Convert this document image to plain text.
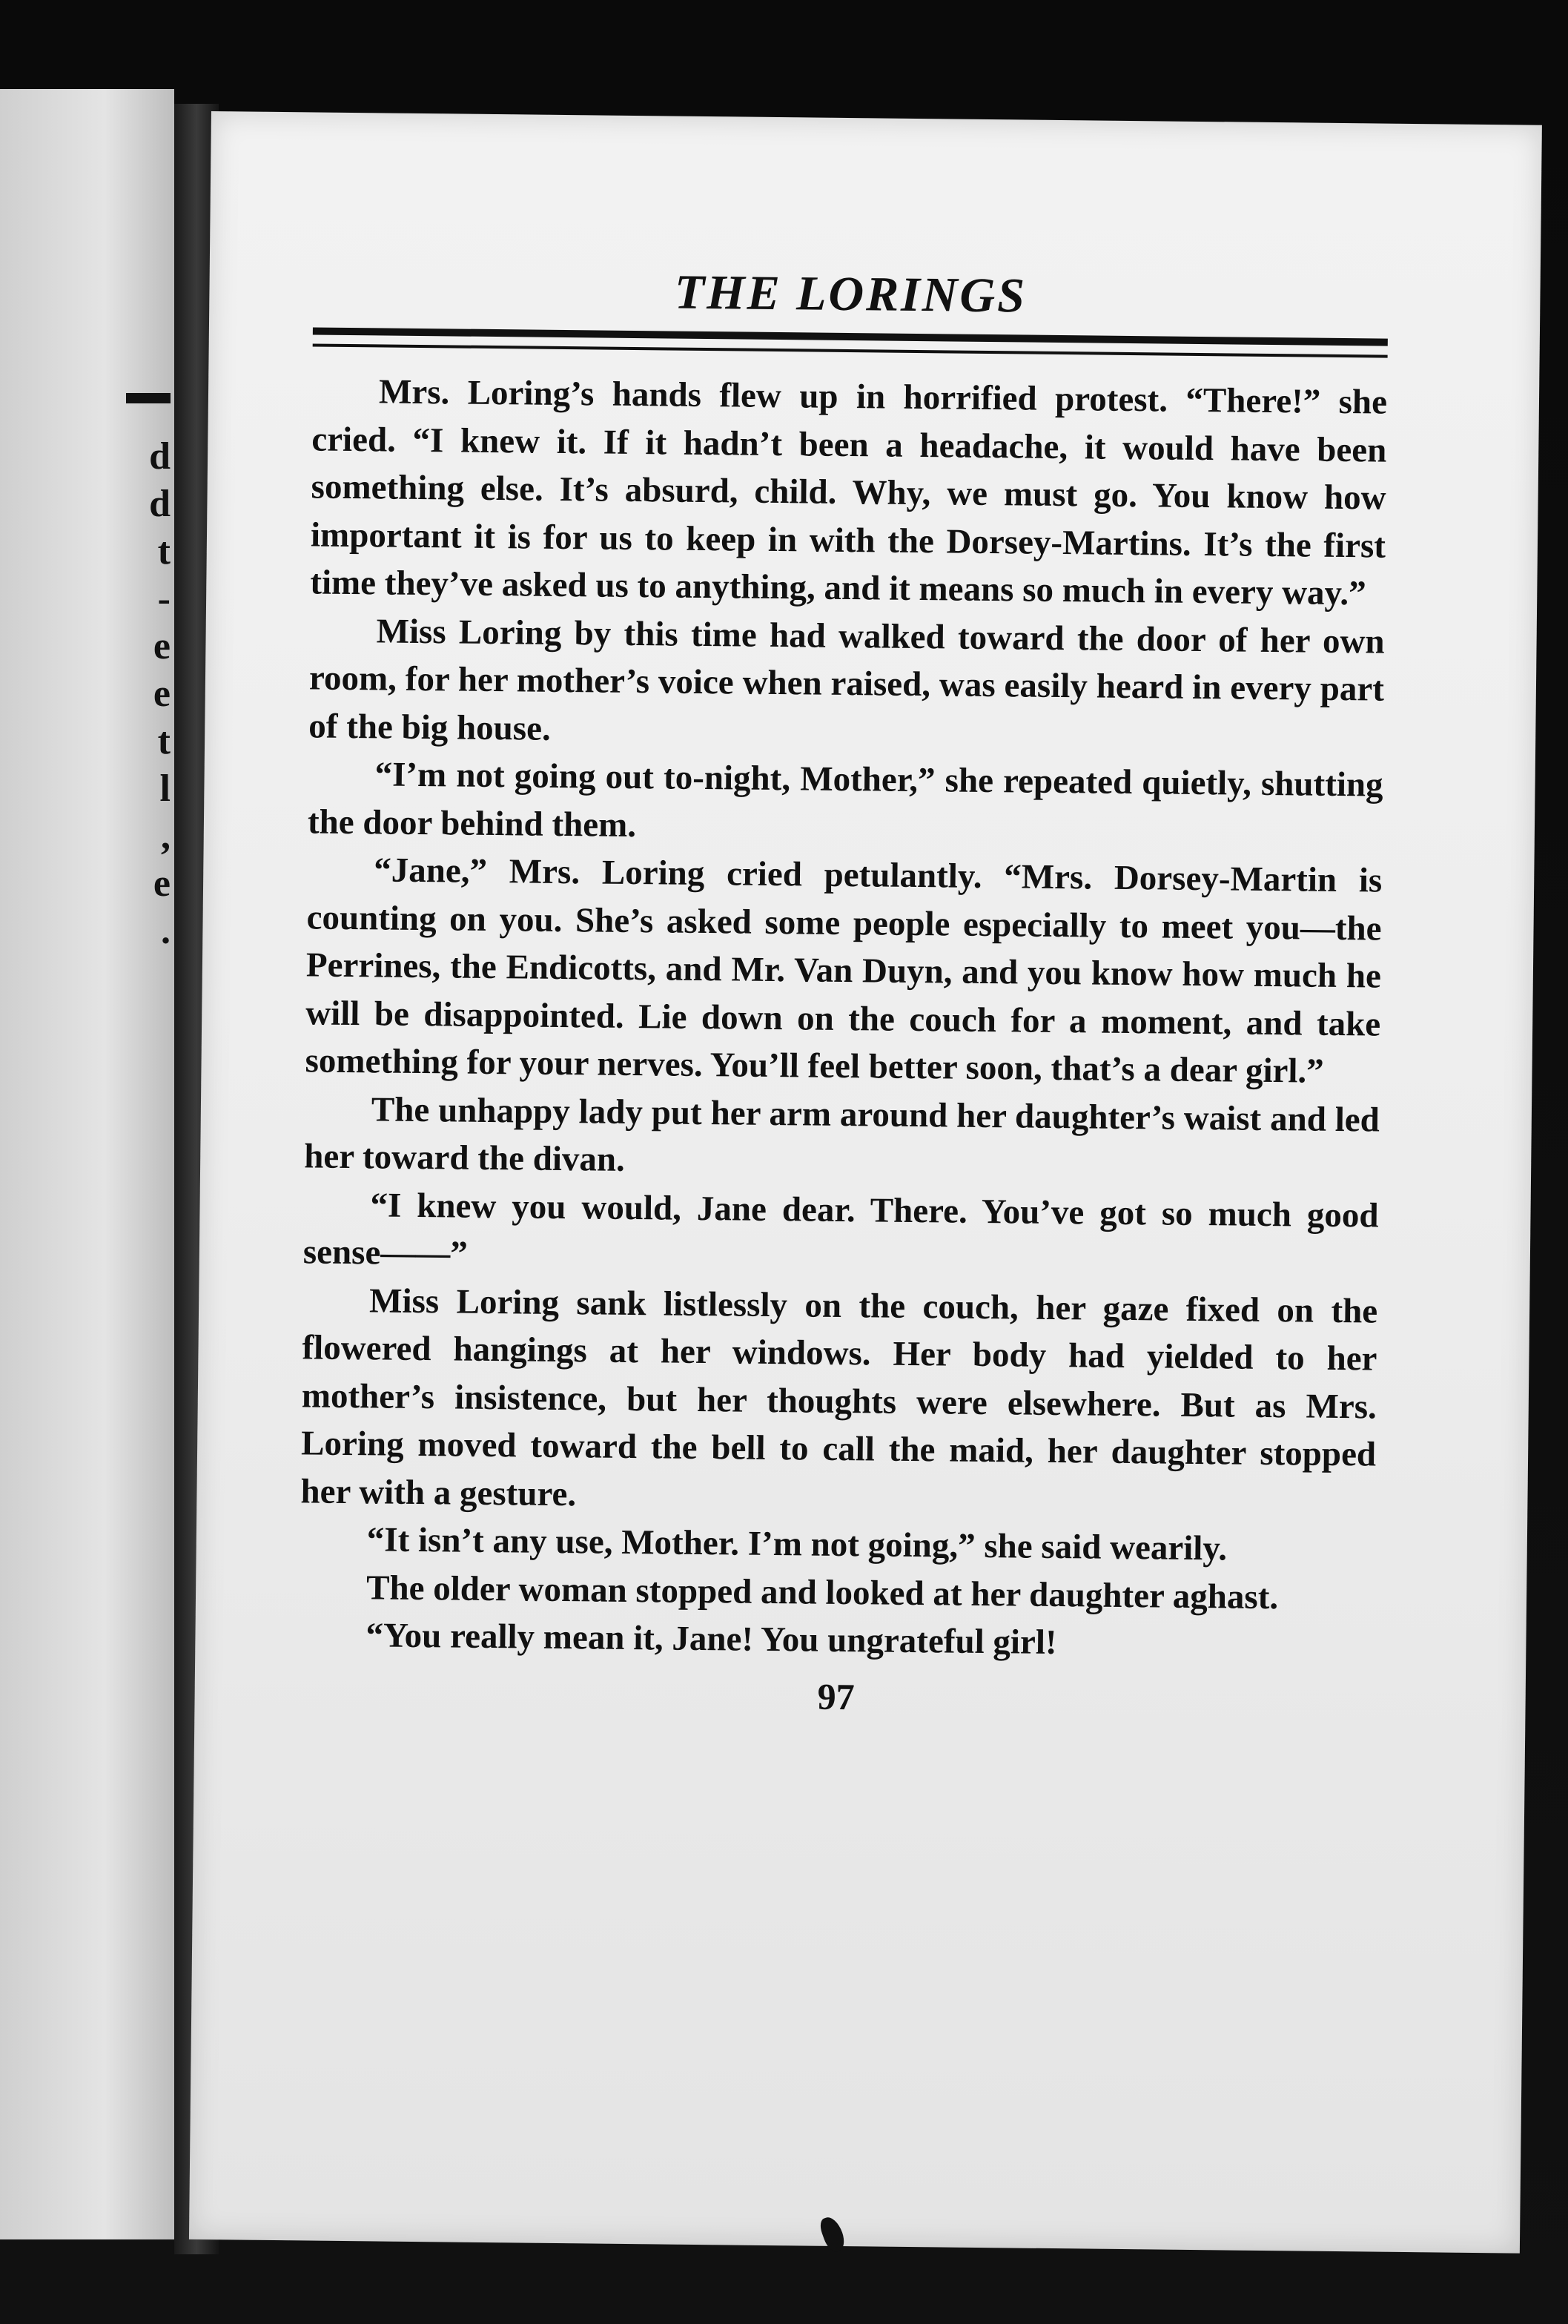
d
d
t
-
e
e
t
l
,
e
.
THE LORINGS

Mrs. Loring’s hands flew up in horrified protest. “There!” she cried. “I knew it. If it hadn’t been a headache, it would have been something else. It’s absurd, child. Why, we must go. You know how important it is for us to keep in with the Dorsey-Martins. It’s the first time they’ve asked us to anything, and it means so much in every way.”

Miss Loring by this time had walked toward the door of her own room, for her mother’s voice when raised, was easily heard in every part of the big house.

“I’m not going out to-night, Mother,” she repeated quietly, shutting the door behind them.

“Jane,” Mrs. Loring cried petulantly. “Mrs. Dorsey-Martin is counting on you. She’s asked some people especially to meet you—the Perrines, the Endicotts, and Mr. Van Duyn, and you know how much he will be disappointed. Lie down on the couch for a moment, and take something for your nerves. You’ll feel better soon, that’s a dear girl.”

The unhappy lady put her arm around her daughter’s waist and led her toward the divan.

“I knew you would, Jane dear. There. You’ve got so much good sense——”

Miss Loring sank listlessly on the couch, her gaze fixed on the flowered hangings at her windows. Her body had yielded to her mother’s insistence, but her thoughts were elsewhere. But as Mrs. Loring moved toward the bell to call the maid, her daughter stopped her with a gesture.

“It isn’t any use, Mother. I’m not going,” she said wearily.

The older woman stopped and looked at her daughter aghast.

“You really mean it, Jane! You ungrateful girl!

97
